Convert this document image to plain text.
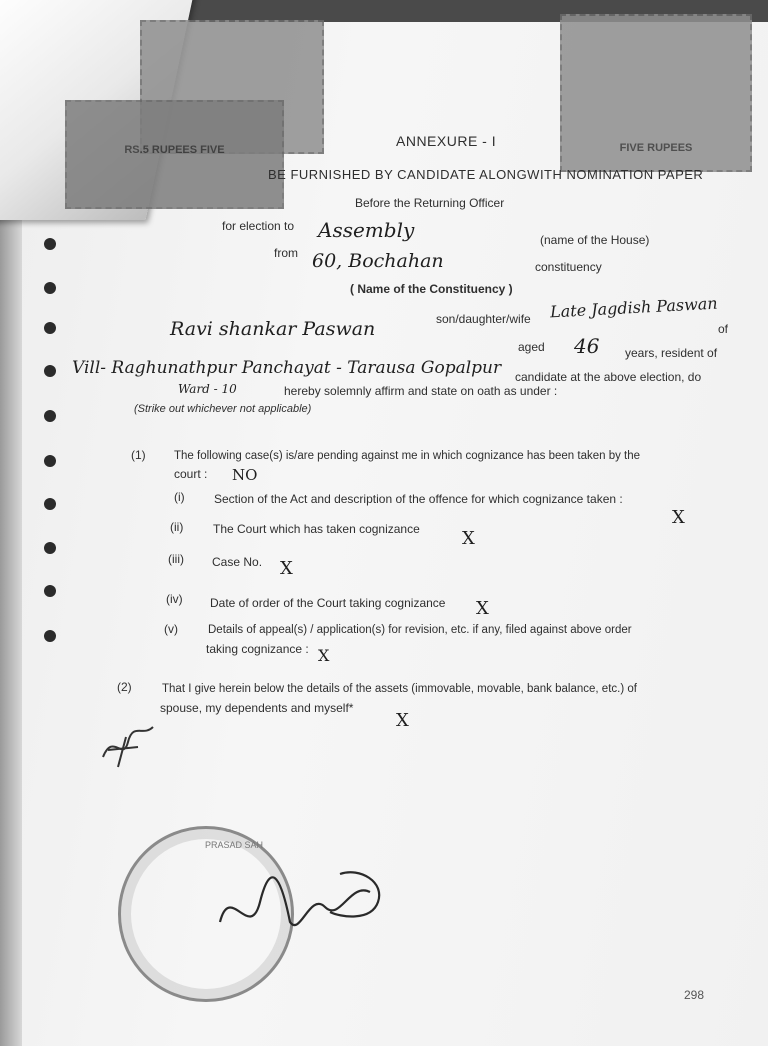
RS.5 RUPEES FIVE	FIVE RUPEES
ANNEXURE - I
BE FURNISHED BY CANDIDATE ALONGWITH NOMINATION PAPER
Before the Returning Officer
for election to Assembly	(name of the House)
from 60, Bochahan	constituency
( Name of the Constituency )
son/daughter/wife Late Jagdish Paswan
of
Ravi shankar Paswan
aged 46 years, resident of
Vill- Raghunathpur Panchayat - Tarausa Gopalpur
Ward - 10
candidate at the above election, do
hereby solemnly affirm and state on oath as under :
(Strike out whichever not applicable)
(1) The following case(s) is/are pending against me in which cognizance has been taken by the
court : NO
(i) Section of the Act and description of the offence for which cognizance taken :
X
(ii) The Court which has taken cognizance X
(iii) Case No. X
(iv) Date of order of the Court taking cognizance X
(v)	Details of appeal(s) / application(s) for revision, etc. if any, filed against above order
taking cognizance : X
(2)	That I give herein below the details of the assets (immovable, movable, bank balance, etc.) of
spouse, my dependents and myself*
X
PRASAD SAH
298
